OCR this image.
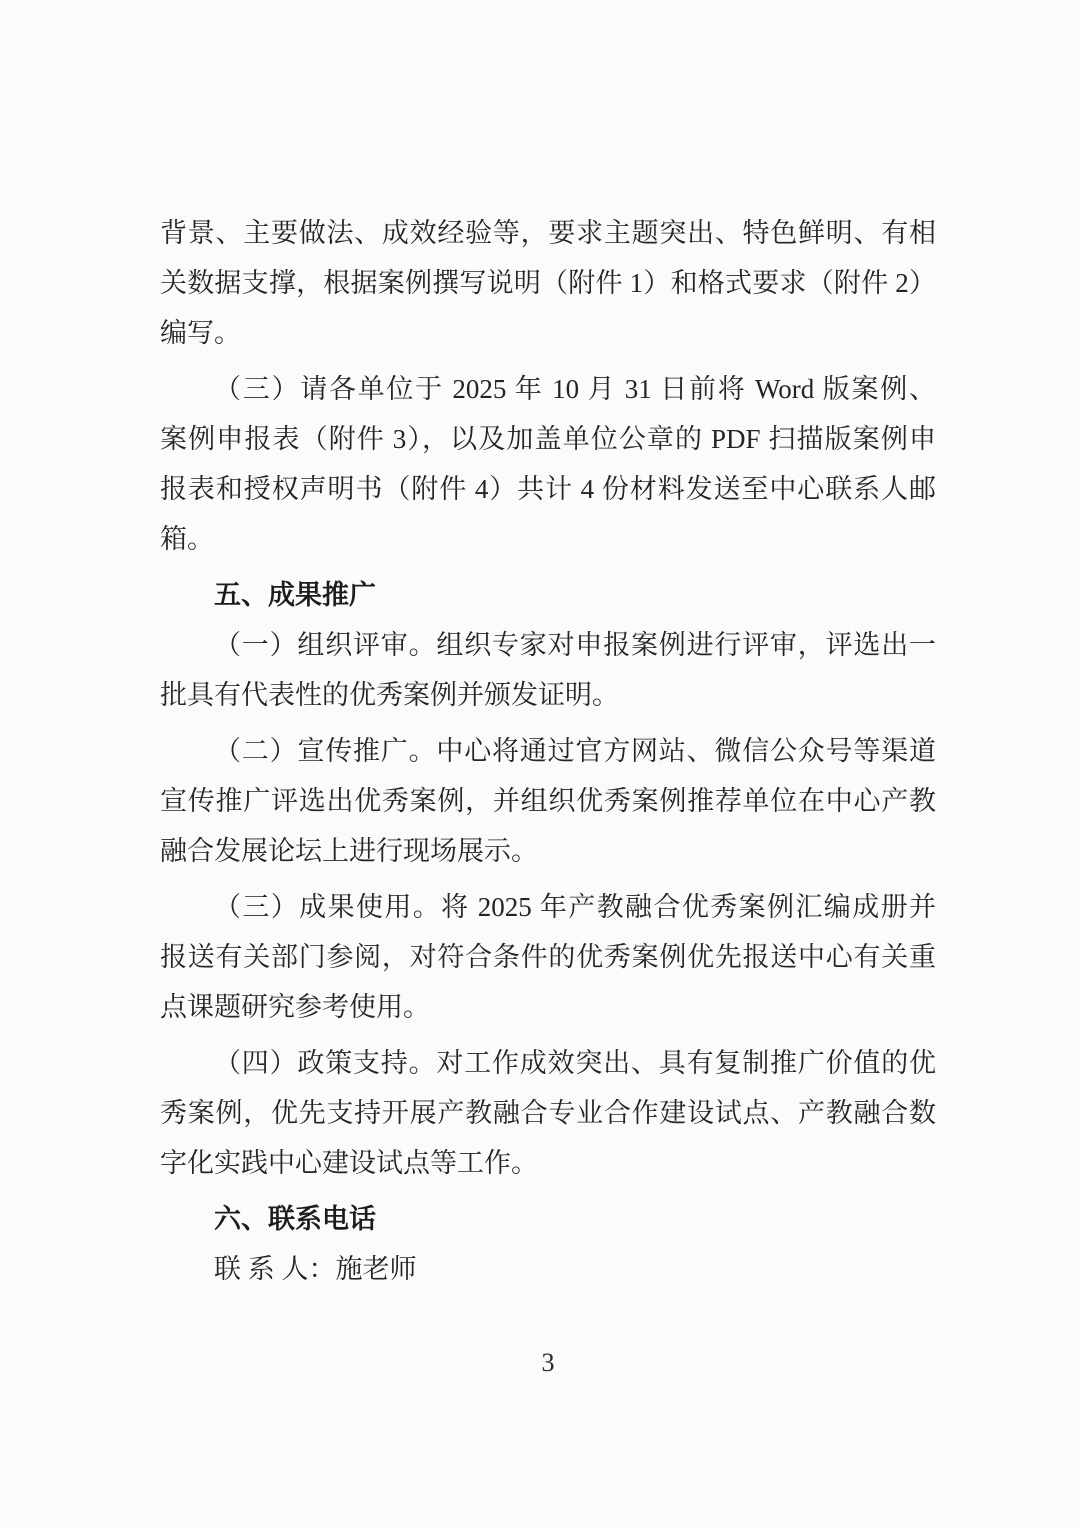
背景、主要做法、成效经验等，要求主题突出、特色鲜明、有相
关数据支撑，根据案例撰写说明（附件 1）和格式要求（附件 2）
编写。
（三）请各单位于 2025 年 10 月 31 日前将 Word 版案例、
案例申报表（附件 3），以及加盖单位公章的 PDF 扫描版案例申
报表和授权声明书（附件 4）共计 4 份材料发送至中心联系人邮
箱。
五、成果推广
（一）组织评审。组织专家对申报案例进行评审，评选出一
批具有代表性的优秀案例并颁发证明。
（二）宣传推广。中心将通过官方网站、微信公众号等渠道
宣传推广评选出优秀案例，并组织优秀案例推荐单位在中心产教
融合发展论坛上进行现场展示。
（三）成果使用。将 2025 年产教融合优秀案例汇编成册并
报送有关部门参阅，对符合条件的优秀案例优先报送中心有关重
点课题研究参考使用。
（四）政策支持。对工作成效突出、具有复制推广价值的优
秀案例，优先支持开展产教融合专业合作建设试点、产教融合数
字化实践中心建设试点等工作。
六、联系电话
联 系 人：施老师
3
